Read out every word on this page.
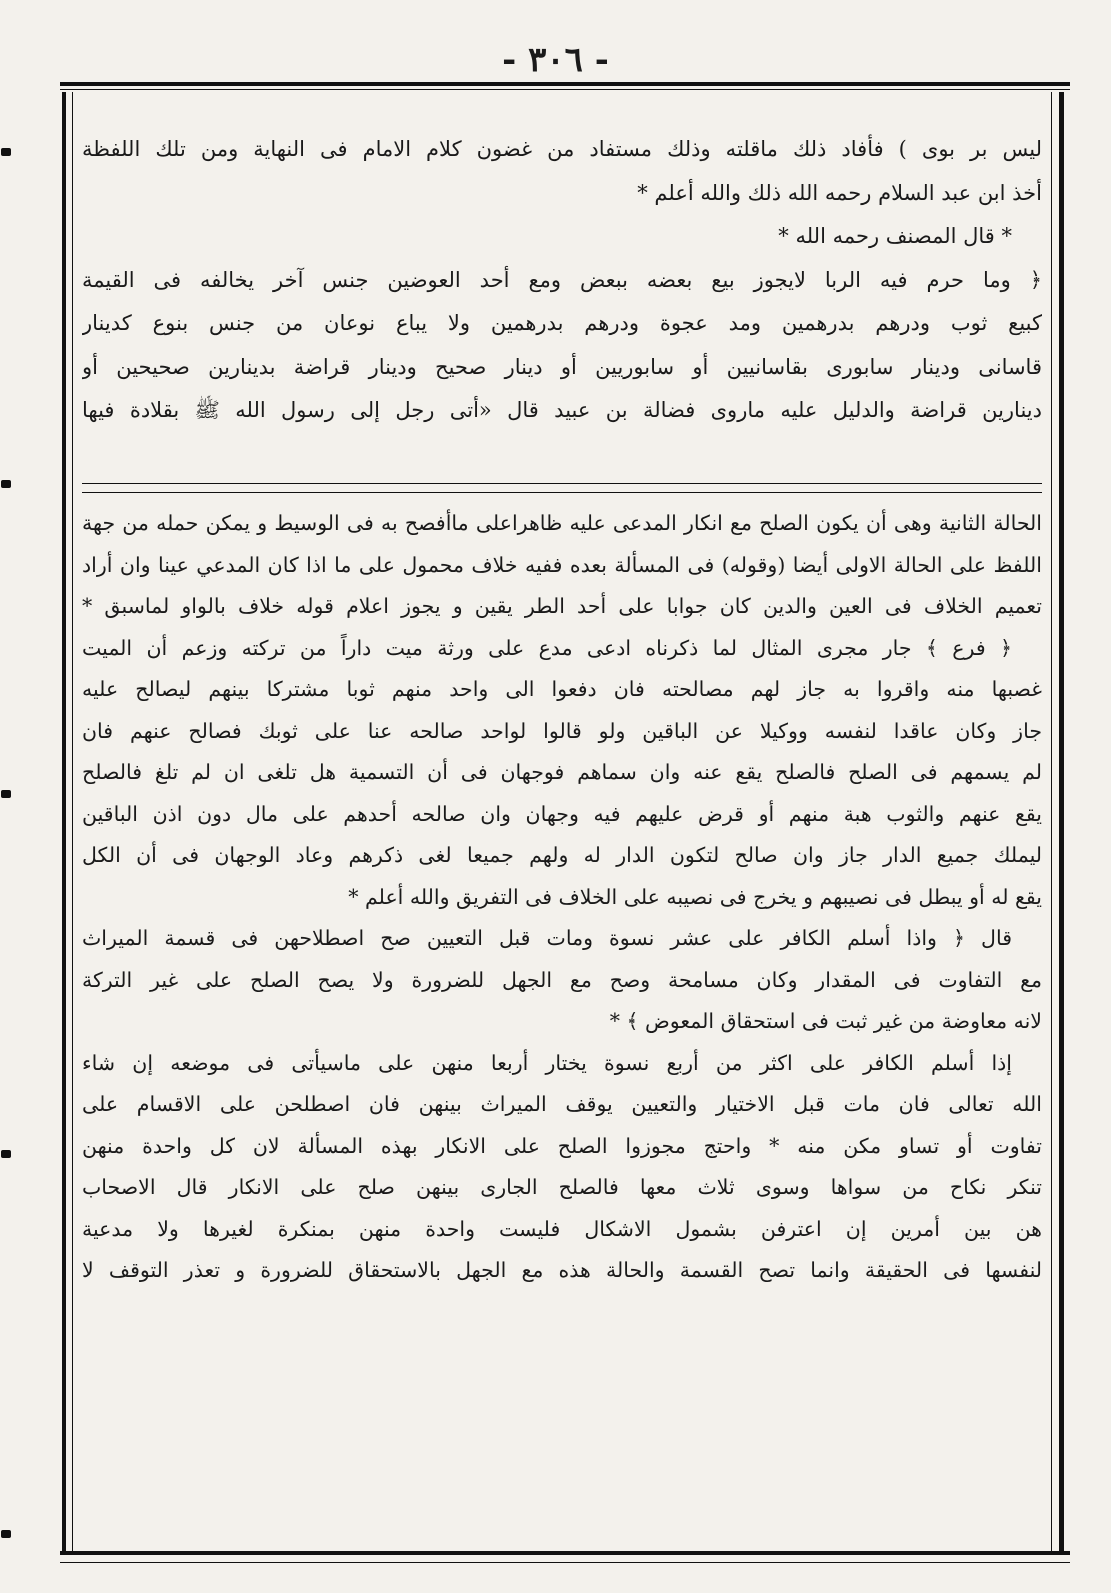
- ٣٠٦ -
ليس بر بوى ) فأفاد ذلك ماقلته وذلك مستفاد من غضون كلام الامام فى النهاية ومن تلك اللفظة
أخذ ابن عبد السلام رحمه الله ذلك والله أعلم *
* قال المصنف رحمه الله *
﴿ وما حرم فيه الربا لايجوز بيع بعضه ببعض ومع أحد العوضين جنس آخر يخالفه فى القيمة
كبيع ثوب ودرهم بدرهمين ومد عجوة ودرهم بدرهمين ولا يباع نوعان من جنس بنوع كدينار
قاسانى ودينار سابورى بقاسانيين أو سابوريين أو دينار صحيح ودينار قراضة بدينارين صحيحين أو
دينارين قراضة والدليل عليه ماروى فضالة بن عبيد قال «أتى رجل إلى رسول الله ﷺ بقلادة فيها
الحالة الثانية وهى أن يكون الصلح مع انكار المدعى عليه ظاهراعلى ماأفصح به فى الوسيط و يمكن حمله من جهة
اللفظ على الحالة الاولى أيضا (وقوله) فى المسألة بعده ففيه خلاف محمول على ما اذا كان المدعي عينا وان أراد
تعميم الخلاف فى العين والدين كان جوابا على أحد الطر يقين و يجوز اعلام قوله خلاف بالواو لماسبق *
﴿ فرع ﴾ جار مجرى المثال لما ذكرناه ادعى مدع على ورثة ميت داراً من تركته وزعم أن الميت
غصبها منه واقروا به جاز لهم مصالحته فان دفعوا الى واحد منهم ثوبا مشتركا بينهم ليصالح عليه
جاز وكان عاقدا لنفسه ووكيلا عن الباقين ولو قالوا لواحد صالحه عنا على ثوبك فصالح عنهم فان
لم يسمهم فى الصلح فالصلح يقع عنه وان سماهم فوجهان فى أن التسمية هل تلغى ان لم تلغ فالصلح
يقع عنهم والثوب هبة منهم أو قرض عليهم فيه وجهان وان صالحه أحدهم على مال دون اذن الباقين
ليملك جميع الدار جاز وان صالح لتكون الدار له ولهم جميعا لغى ذكرهم وعاد الوجهان فى أن الكل
يقع له أو يبطل فى نصيبهم و يخرج فى نصيبه على الخلاف فى التفريق والله أعلم *
قال ﴿ واذا أسلم الكافر على عشر نسوة ومات قبل التعيين صح اصطلاحهن فى قسمة الميراث
مع التفاوت فى المقدار وكان مسامحة وصح مع الجهل للضرورة ولا يصح الصلح على غير التركة
لانه معاوضة من غير ثبت فى استحقاق المعوض ﴾ *
إذا أسلم الكافر على اكثر من أربع نسوة يختار أربعا منهن على ماسيأتى فى موضعه إن شاء
الله تعالى فان مات قبل الاختيار والتعيين يوقف الميراث بينهن فان اصطلحن على الاقسام على
تفاوت أو تساو مكن منه * واحتج مجوزوا الصلح على الانكار بهذه المسألة لان كل واحدة منهن
تنكر نكاح من سواها وسوى ثلاث معها فالصلح الجارى بينهن صلح على الانكار قال الاصحاب
هن بين أمرين إن اعترفن بشمول الاشكال فليست واحدة منهن بمنكرة لغيرها ولا مدعية
لنفسها فى الحقيقة وانما تصح القسمة والحالة هذه مع الجهل بالاستحقاق للضرورة و تعذر التوقف لا
